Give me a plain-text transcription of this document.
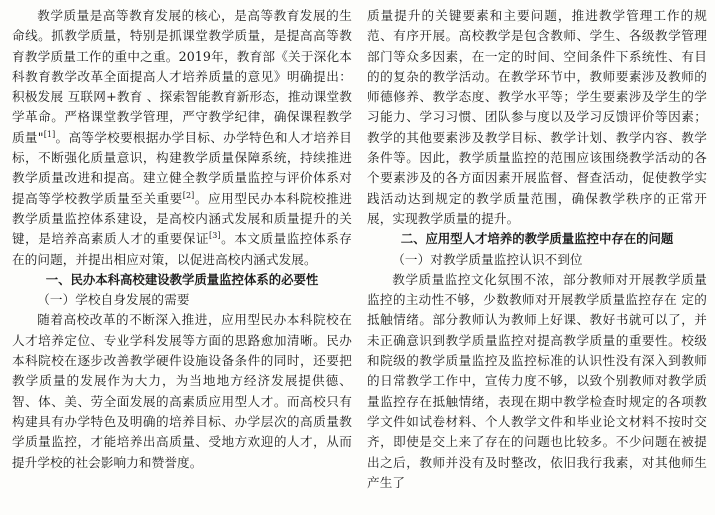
教学质量是高等教育发展的核心，是高等教育发展的生命线。抓教学质量，特别是抓课堂教学质量，是提高高等教育教学质量工作的重中之重。2019年，教育部《关于深化本科教育教学改革全面提高人才培养质量的意见》明确提出：积极发展 互联网+教育 、探索智能教育新形态，推动课堂教学革命。严格课堂教学管理，严守教学纪律，确保课程教学质量"[1]。高等学校要根据办学目标、办学特色和人才培养目标，不断强化质量意识，构建教学质量保障系统，持续推进教学质量改进和提高。建立健全教学质量监控与评价体系对提高等学校教学质量至关重要[2]。应用型民办本科院校推进教学质量监控体系建设，是高校内涵式发展和质量提升的关键，是培养高素质人才的重要保证[3]。本文质量监控体系存在的问题，并提出相应对策，以促进高校内涵式发展。

一、民办本科高校建设教学质量监控体系的必要性

（一）学校自身发展的需要

随着高校改革的不断深入推进，应用型民办本科院校在人才培养定位、专业学科发展等方面的思路愈加清晰。民办本科院校在逐步改善教学硬件设施设备条件的同时，还要把教学质量的发展作为大力，为当地地方经济发展提供德、智、体、美、劳全面发展的高素质应用型人才。而高校只有构建具有办学特色及明确的培养目标、办学层次的高质量教学质量监控，才能培养出高质量、受地方欢迎的人才，从而提升学校的社会影响力和赞誉度。

质量提升的关键要素和主要问题，推进教学管理工作的规范、有序开展。高校教学是包含教师、学生、各级教学管理部门等众多因素，在一定的时间、空间条件下系统性、有目的的复杂的教学活动。在教学环节中，教师要素涉及教师的师德修养、教学态度、教学水平等；学生要素涉及学生的学习能力、学习习惯、团队参与度以及学习反馈评价等因素；教学的其他要素涉及教学目标、教学计划、教学内容、教学条件等。因此，教学质量监控的范围应该围绕教学活动的各个要素涉及的各方面因素开展监督、督查活动，促使教学实践活动达到规定的教学质量范围，确保教学秩序的正常开展，实现教学质量的提升。

二、应用型人才培养的教学质量监控中存在的问题

（一）对教学质量监控认识不到位

教学质量监控文化氛围不浓，部分教师对开展教学质量监控的主动性不够，少数教师对开展教学质量监控存在 定的抵触情绪。部分教师认为教师上好课、教好书就可以了，并未正确意识到教学质量监控对提高教学质量的重要性。校级和院级的教学质量监控及监控标准的认识性没有深入到教师的日常教学工作中，宣传力度不够，以致个别教师对教学质量监控存在抵触情绪，表现在期中教学检查时规定的各项教学文件如试卷材料、个人教学文件和毕业论文材料不按时交齐，即使是交上来了存在的问题也比较多。不少问题在被提出之后，教师并没有及时整改，依旧我行我素，对其他师生产生了
